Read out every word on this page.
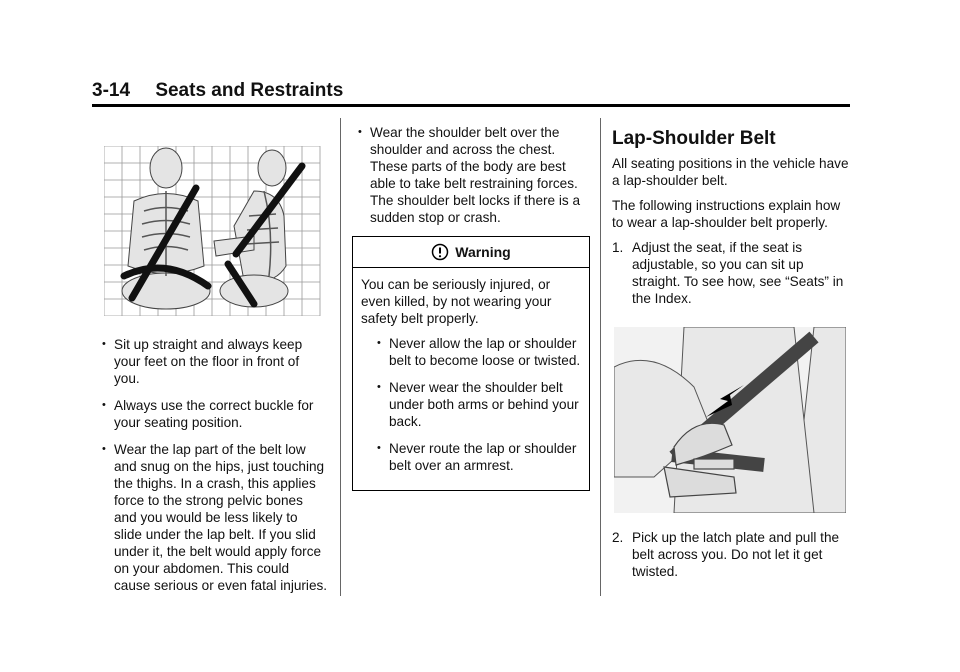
3-14 Seats and Restraints
• Sit up straight and always keep your feet on the floor in front of you.
• Always use the correct buckle for your seating position.
• Wear the lap part of the belt low and snug on the hips, just touching the thighs. In a crash, this applies force to the strong pelvic bones and you would be less likely to slide under the lap belt. If you slid under it, the belt would apply force on your abdomen. This could cause serious or even fatal injuries.
• Wear the shoulder belt over the shoulder and across the chest. These parts of the body are best able to take belt restraining forces. The shoulder belt locks if there is a sudden stop or crash.
Warning

You can be seriously injured, or even killed, by not wearing your safety belt properly.

• Never allow the lap or shoulder belt to become loose or twisted.
• Never wear the shoulder belt under both arms or behind your back.
• Never route the lap or shoulder belt over an armrest.
Lap-Shoulder Belt

All seating positions in the vehicle have a lap-shoulder belt.

The following instructions explain how to wear a lap-shoulder belt properly.

1. Adjust the seat, if the seat is adjustable, so you can sit up straight. To see how, see “Seats” in the Index.
2. Pick up the latch plate and pull the belt across you. Do not let it get twisted.
